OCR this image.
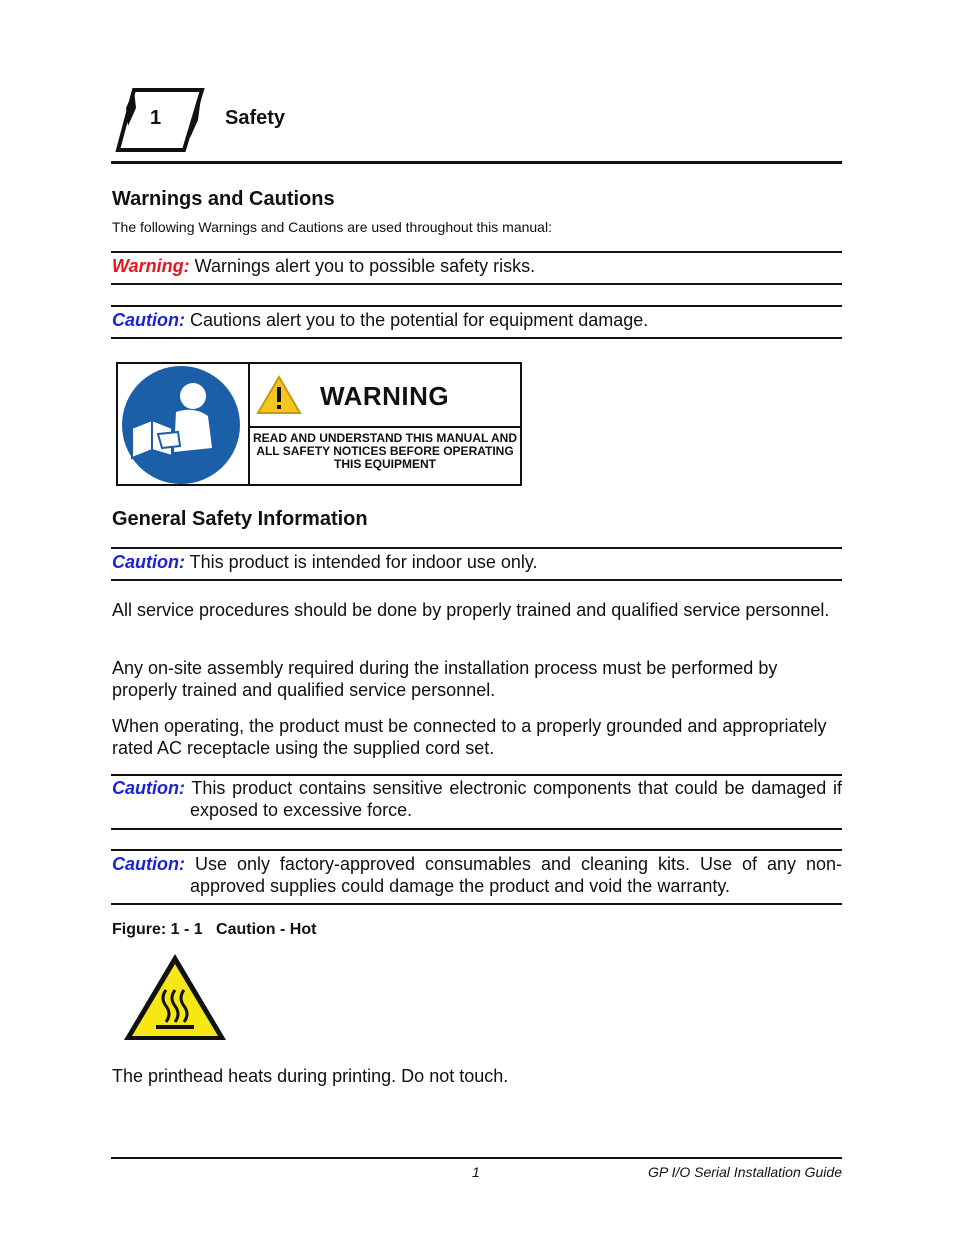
1	Safety
Warnings and Cautions
The following Warnings and Cautions are used throughout this manual:
Warning: Warnings alert you to possible safety risks.
Caution: Cautions alert you to the potential for equipment damage.
WARNING
READ AND UNDERSTAND THIS MANUAL AND ALL SAFETY NOTICES BEFORE OPERATING THIS EQUIPMENT
General Safety Information
Caution: This product is intended for indoor use only.
All service procedures should be done by properly trained and qualified service personnel.
Any on-site assembly required during the installation process must be performed by properly trained and qualified service personnel.
When operating, the product must be connected to a properly grounded and appropriately rated AC receptacle using the supplied cord set.
Caution: This product contains sensitive electronic components that could be damaged if exposed to excessive force.
Caution: Use only factory-approved consumables and cleaning kits. Use of any non-approved supplies could damage the product and void the warranty.
Figure: 1 - 1   Caution - Hot
The printhead heats during printing. Do not touch.
1	GP I/O Serial Installation Guide
